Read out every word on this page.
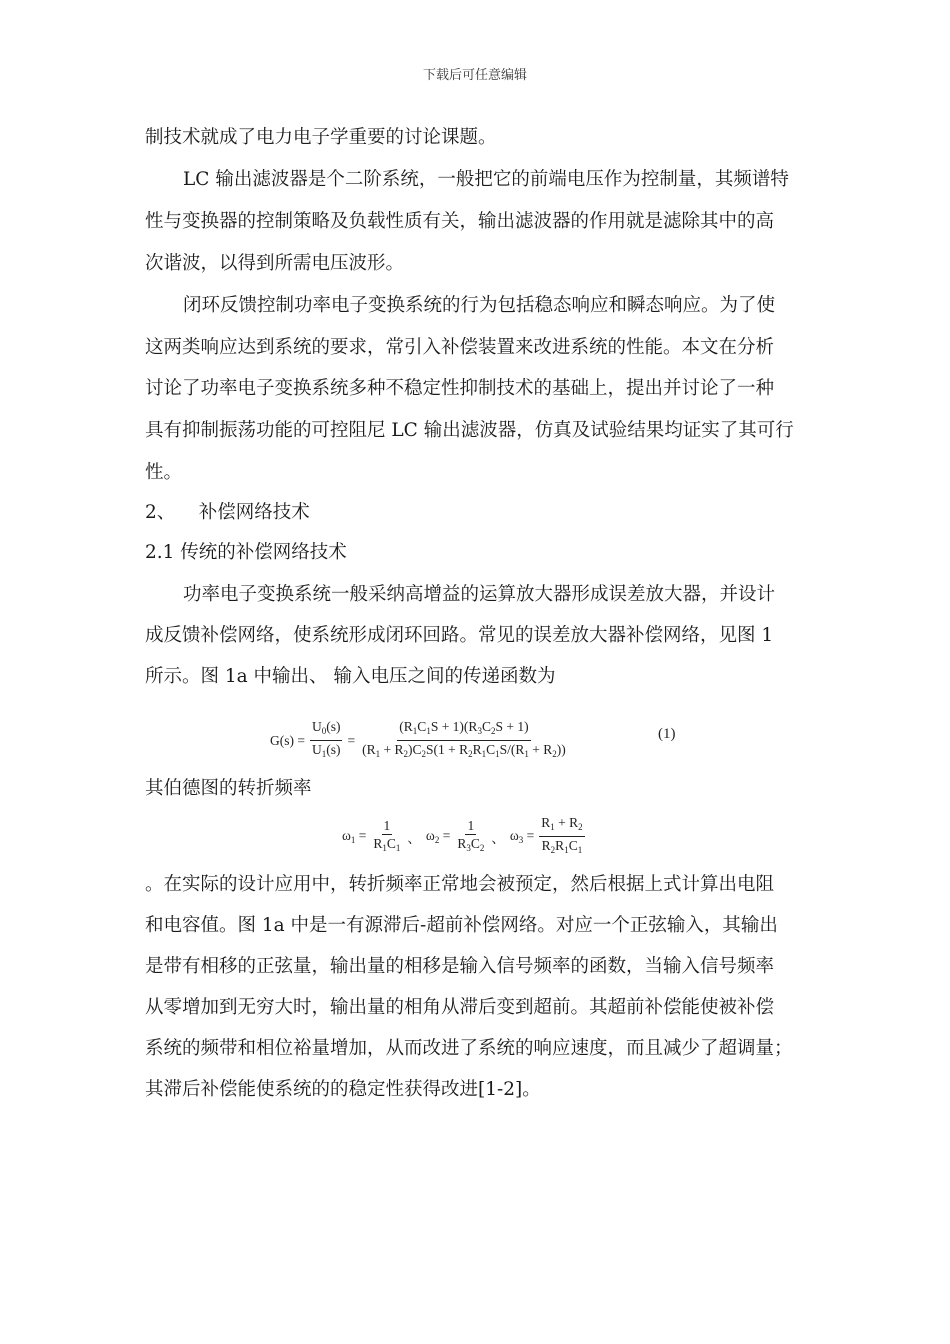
下载后可任意编辑
制技术就成了电力电子学重要的讨论课题。
LC 输出滤波器是个二阶系统，一般把它的前端电压作为控制量，其频谱特
性与变换器的控制策略及负载性质有关，输出滤波器的作用就是滤除其中的高
次谐波，以得到所需电压波形。
闭环反馈控制功率电子变换系统的行为包括稳态响应和瞬态响应。为了使
这两类响应达到系统的要求，常引入补偿装置来改进系统的性能。本文在分析
讨论了功率电子变换系统多种不稳定性抑制技术的基础上，提出并讨论了一种
具有抑制振荡功能的可控阻尼 LC 输出滤波器，仿真及试验结果均证实了其可行
性。
2、    补偿网络技术
2.1 传统的补偿网络技术
功率电子变换系统一般采纳高增益的运算放大器形成误差放大器，并设计
成反馈补偿网络，使系统形成闭环回路。常见的误差放大器补偿网络，见图 1
所示。图 1a 中输出、 输入电压之间的传递函数为
$G(s) = \frac{U_0(s)}{U_1(s)} = \frac{(R_1C_1S + 1)(R_3C_2S + 1)}{(R_1 + R_2)C_2S(1 + R_2R_1C_1S/(R_1 + R_2))}$	(1)
其伯德图的转折频率
$\omega_1 = \frac{1}{R_1C_1}$ 、 $\omega_2 = \frac{1}{R_3C_2}$ 、 $\omega_3 = \frac{R_1 + R_2}{R_2R_1C_1}$
。在实际的设计应用中，转折频率正常地会被预定，然后根据上式计算出电阻
和电容值。图 1a 中是一有源滞后-超前补偿网络。对应一个正弦输入，其输出
是带有相移的正弦量，输出量的相移是输入信号频率的函数，当输入信号频率
从零增加到无穷大时，输出量的相角从滞后变到超前。其超前补偿能使被补偿
系统的频带和相位裕量增加，从而改进了系统的响应速度，而且减少了超调量；
其滞后补偿能使系统的的稳定性获得改进[1-2]。
